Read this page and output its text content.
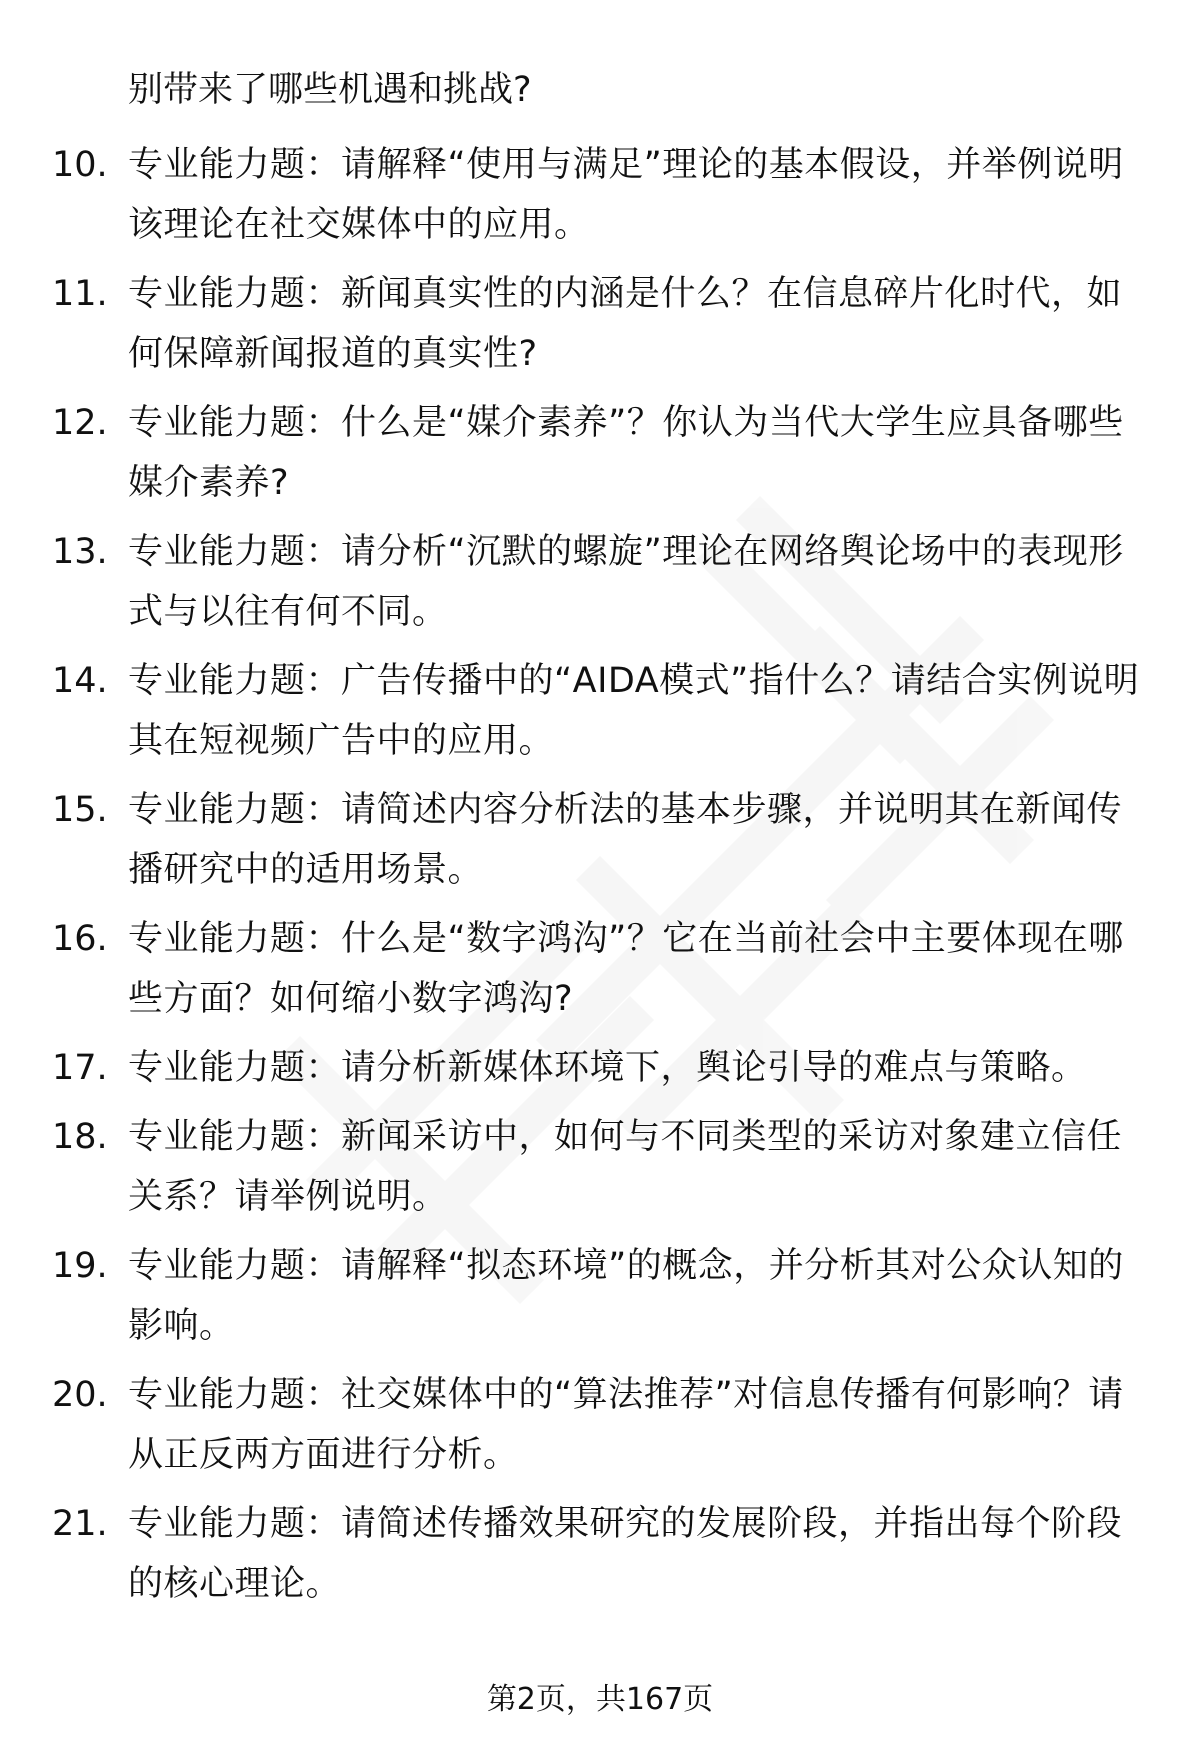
别带来了哪些机遇和挑战?
10. 专业能力题：请解释“使用与满足”理论的基本假设，并举例说明该理论在社交媒体中的应用。
11. 专业能力题：新闻真实性的内涵是什么？在信息碎片化时代，如何保障新闻报道的真实性?
12. 专业能力题：什么是“媒介素养”？你认为当代大学生应具备哪些媒介素养?
13. 专业能力题：请分析“沉默的螺旋”理论在网络舆论场中的表现形式与以往有何不同。
14. 专业能力题：广告传播中的“AIDA模式”指什么？请结合实例说明其在短视频广告中的应用。
15. 专业能力题：请简述内容分析法的基本步骤，并说明其在新闻传播研究中的适用场景。
16. 专业能力题：什么是“数字鸿沟”？它在当前社会中主要体现在哪些方面？如何缩小数字鸿沟?
17. 专业能力题：请分析新媒体环境下，舆论引导的难点与策略。
18. 专业能力题：新闻采访中，如何与不同类型的采访对象建立信任关系？请举例说明。
19. 专业能力题：请解释“拟态环境”的概念，并分析其对公众认知的影响。
20. 专业能力题：社交媒体中的“算法推荐”对信息传播有何影响？请从正反两方面进行分析。
21. 专业能力题：请简述传播效果研究的发展阶段，并指出每个阶段的核心理论。
第2页，共167页
